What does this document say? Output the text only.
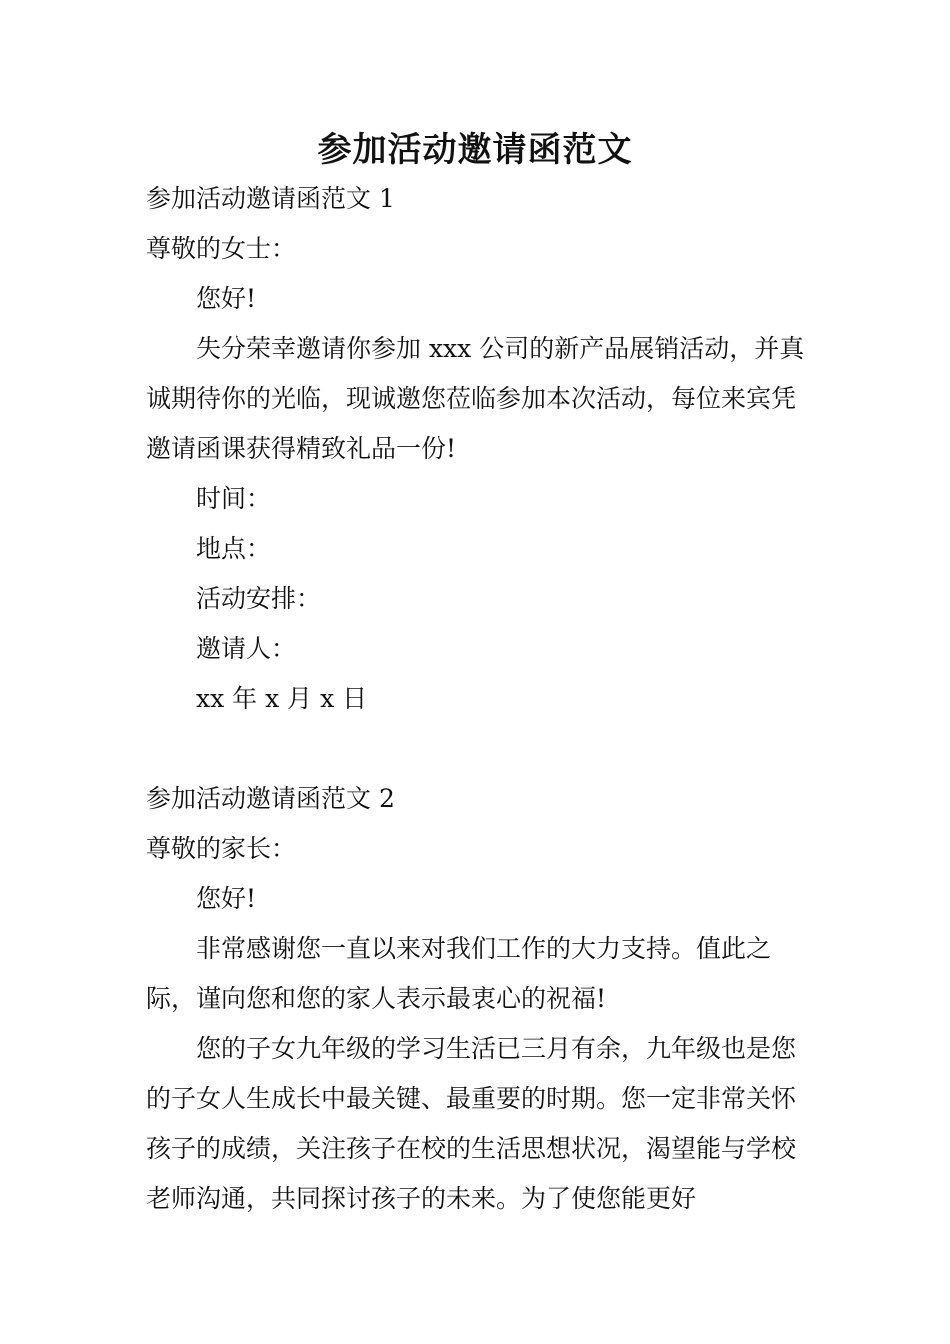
参加活动邀请函范文

参加活动邀请函范文 1

尊敬的女士：

您好!

失分荣幸邀请你参加 xxx 公司的新产品展销活动，并真诚期待你的光临，现诚邀您莅临参加本次活动，每位来宾凭邀请函课获得精致礼品一份!

时间：

地点：

活动安排：

邀请人：

xx 年 x 月 x 日

参加活动邀请函范文 2

尊敬的家长：

您好!

非常感谢您一直以来对我们工作的大力支持。值此之际，谨向您和您的家人表示最衷心的祝福!

您的子女九年级的学习生活已三月有余，九年级也是您的子女人生成长中最关键、最重要的时期。您一定非常关怀孩子的成绩，关注孩子在校的生活思想状况，渴望能与学校老师沟通，共同探讨孩子的未来。为了使您能更好
